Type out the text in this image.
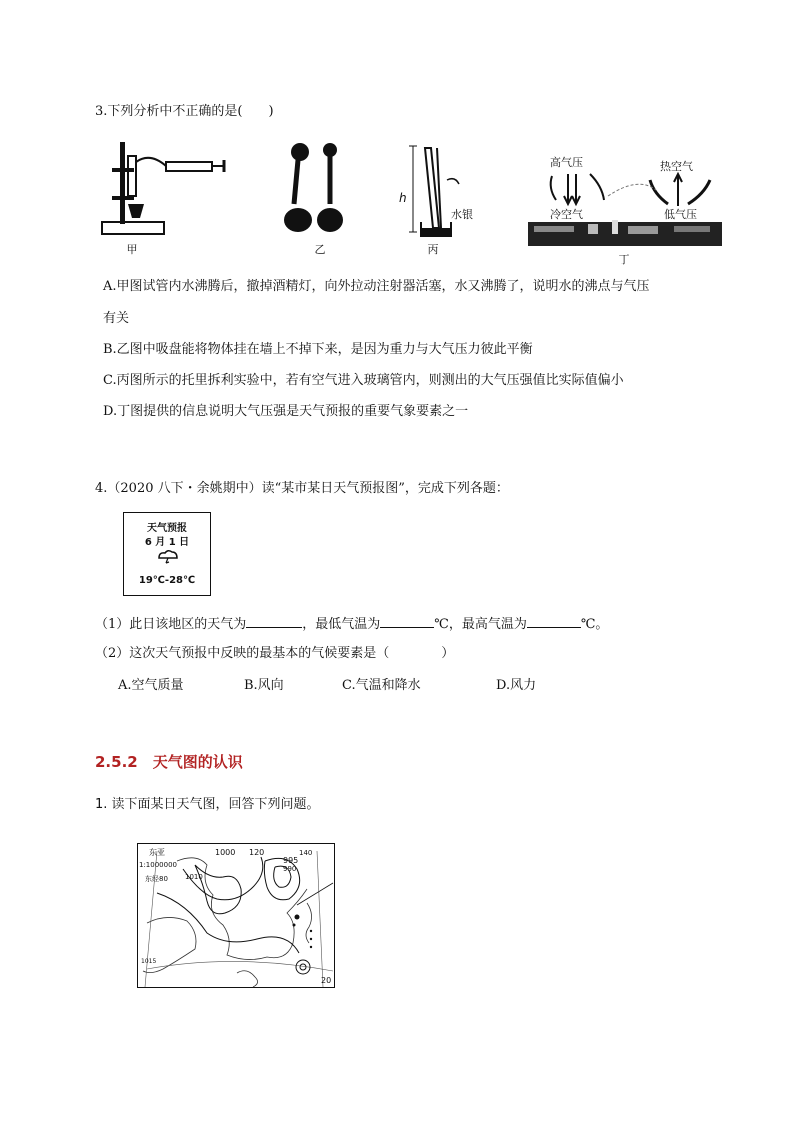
3.下列分析中不正确的是(　　)
甲	乙
h
水银
丙
高气压	热空气
冷空气	低气压
丁
A.甲图试管内水沸腾后，撤掉酒精灯，向外拉动注射器活塞，水又沸腾了，说明水的沸点与气压
有关
B.乙图中吸盘能将物体挂在墙上不掉下来，是因为重力与大气压力彼此平衡
C.丙图所示的托里拆利实验中，若有空气进入玻璃管内，则测出的大气压强值比实际值偏小
D.丁图提供的信息说明大气压强是天气预报的重要气象要素之一
4.（2020 八下・余姚期中）读“某市某日天气预报图”，完成下列各题：
天气预报
6 月 1 日
19℃-28℃
（1）此日该地区的天气为	，最低气温为	℃，最高气温为	℃。
（2）这次天气预报中反映的最基本的气候要素是（　　　　）
A.空气质量	B.风向	C.气温和降水	D.风力
2.5.2　天气图的认识
1. 读下面某日天气图，回答下列问题。
东亚
1:1000000
东经80 1010
1000 120
995
140
990
1015
20
